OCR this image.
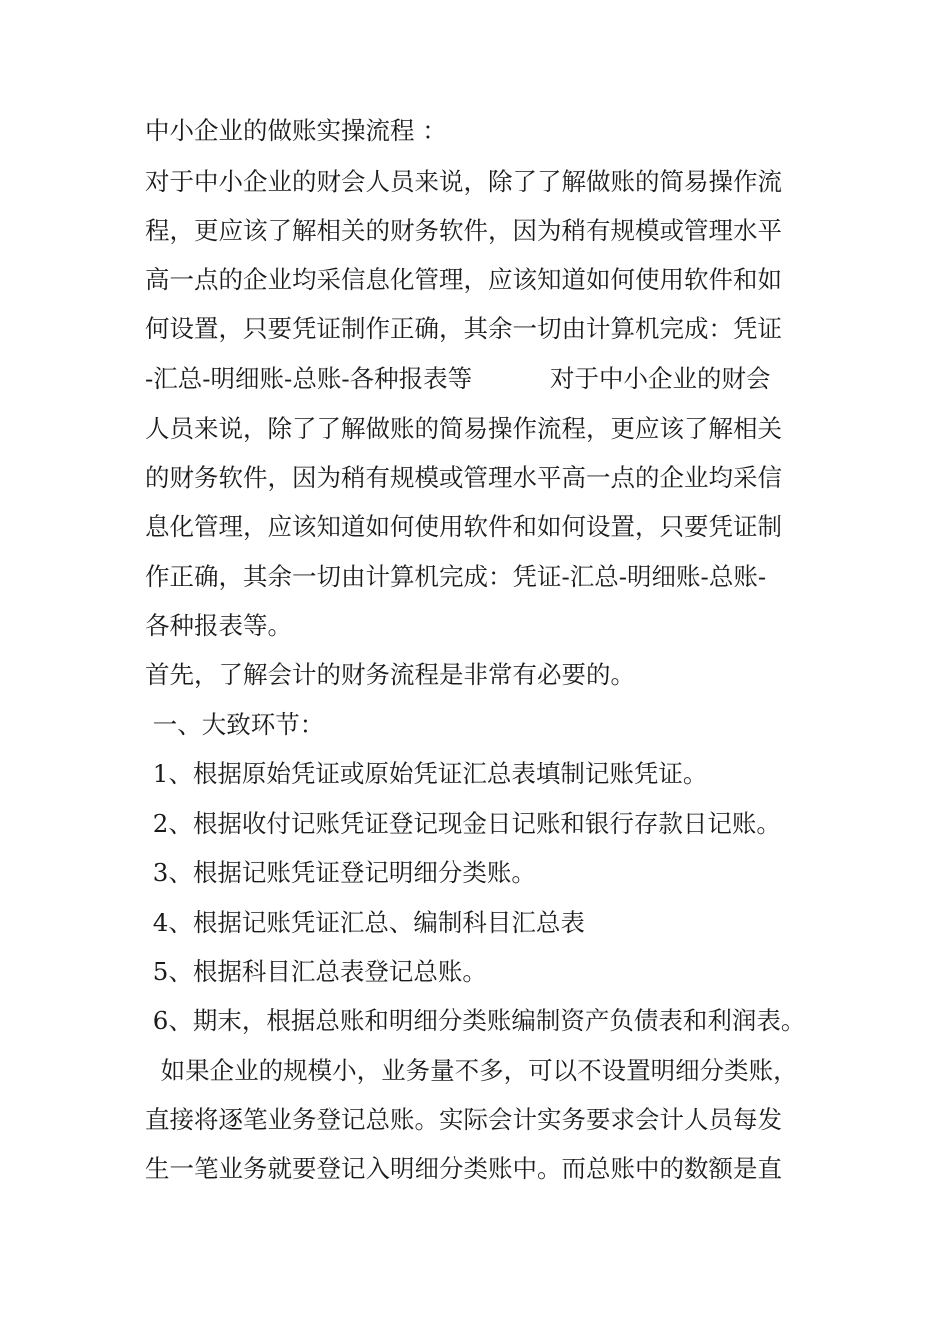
中小企业的做账实操流程 ：

对于中小企业的财会人员来说，除了了解做账的简易操作流

程，更应该了解相关的财务软件，因为稍有规模或管理水平

高一点的企业均采信息化管理，应该知道如何使用软件和如

何设置，只要凭证制作正确，其余一切由计算机完成：凭证

-汇总-明细账-总账-各种报表等          对于中小企业的财会

人员来说，除了了解做账的简易操作流程，更应该了解相关

的财务软件，因为稍有规模或管理水平高一点的企业均采信

息化管理，应该知道如何使用软件和如何设置，只要凭证制

作正确，其余一切由计算机完成：凭证-汇总-明细账-总账-

各种报表等。

首先，了解会计的财务流程是非常有必要的。

一、大致环节：

1、根据原始凭证或原始凭证汇总表填制记账凭证。

2、根据收付记账凭证登记现金日记账和银行存款日记账。

3、根据记账凭证登记明细分类账。

4、根据记账凭证汇总、编制科目汇总表

5、根据科目汇总表登记总账。

6、期末，根据总账和明细分类账编制资产负债表和利润表。

如果企业的规模小，业务量不多，可以不设置明细分类账，

直接将逐笔业务登记总账。实际会计实务要求会计人员每发

生一笔业务就要登记入明细分类账中。而总账中的数额是直
